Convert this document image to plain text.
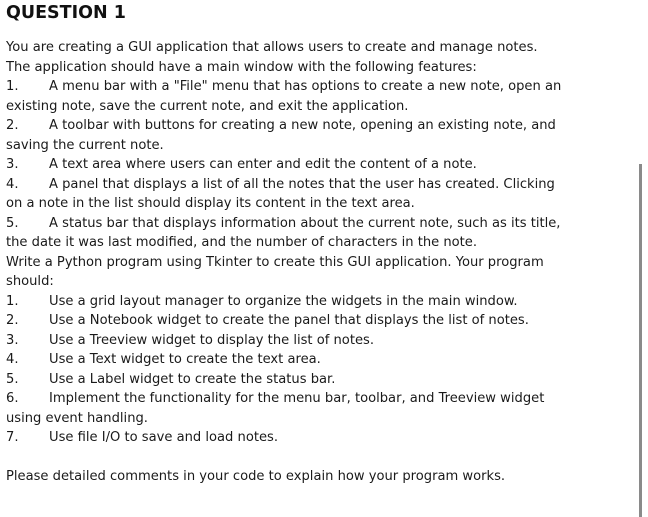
QUESTION 1

You are creating a GUI application that allows users to create and manage notes. The application should have a main window with the following features:

1. A menu bar with a "File" menu that has options to create a new note, open an existing note, save the current note, and exit the application.

2. A toolbar with buttons for creating a new note, opening an existing note, and saving the current note.

3. A text area where users can enter and edit the content of a note.

4. A panel that displays a list of all the notes that the user has created. Clicking on a note in the list should display its content in the text area.

5. A status bar that displays information about the current note, such as its title, the date it was last modified, and the number of characters in the note.

Write a Python program using Tkinter to create this GUI application. Your program should:

1. Use a grid layout manager to organize the widgets in the main window.

2. Use a Notebook widget to create the panel that displays the list of notes.

3. Use a Treeview widget to display the list of notes.

4. Use a Text widget to create the text area.

5. Use a Label widget to create the status bar.

6. Implement the functionality for the menu bar, toolbar, and Treeview widget using event handling.

7. Use file I/O to save and load notes.

Please detailed comments in your code to explain how your program works.
